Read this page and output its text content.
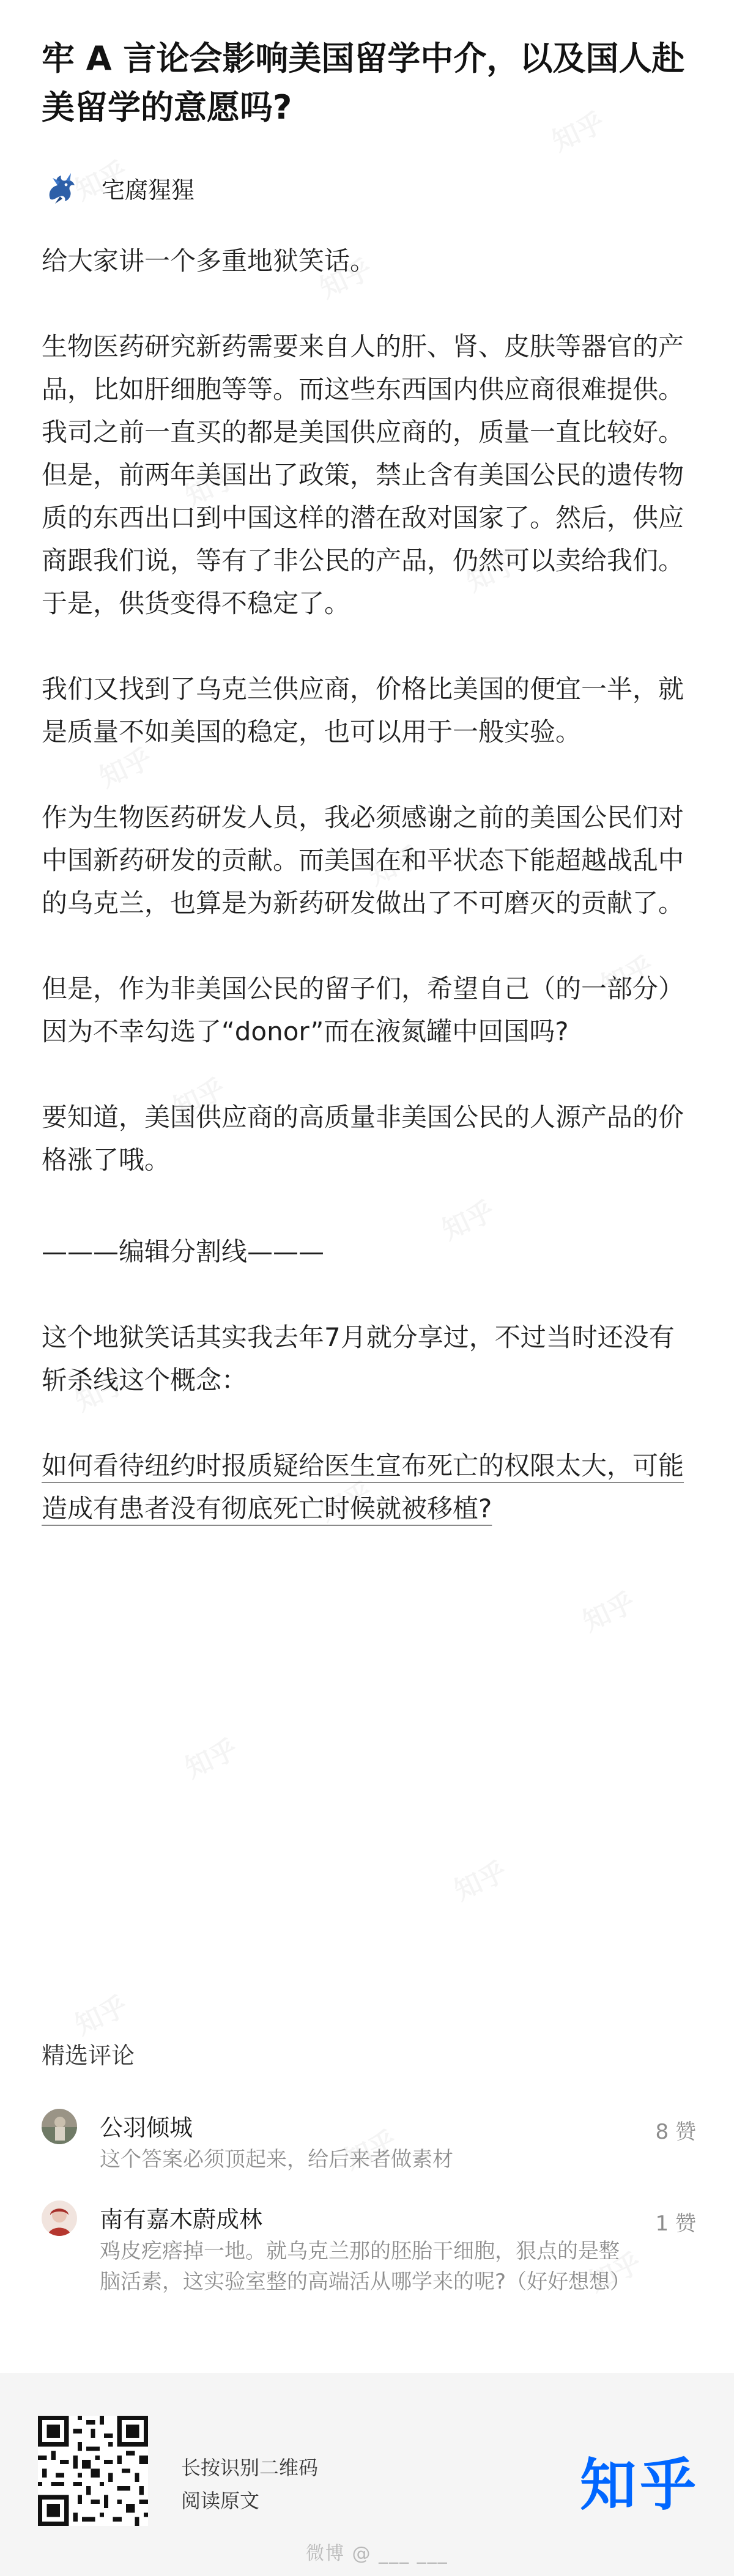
牢 A 言论会影响美国留学中介，以及国人赴美留学的意愿吗?
宅腐猩猩

给大家讲一个多重地狱笑话。

生物医药研究新药需要来自人的肝、肾、皮肤等器官的产品，比如肝细胞等等。而这些东西国内供应商很难提供。我司之前一直买的都是美国供应商的，质量一直比较好。但是，前两年美国出了政策，禁止含有美国公民的遗传物质的东西出口到中国这样的潜在敌对国家了。然后，供应商跟我们说，等有了非公民的产品，仍然可以卖给我们。于是，供货变得不稳定了。

我们又找到了乌克兰供应商，价格比美国的便宜一半，就是质量不如美国的稳定，也可以用于一般实验。

作为生物医药研发人员，我必须感谢之前的美国公民们对中国新药研发的贡献。而美国在和平状态下能超越战乱中的乌克兰，也算是为新药研发做出了不可磨灭的贡献了。

但是，作为非美国公民的留子们，希望自己（的一部分）因为不幸勾选了“donor”而在液氮罐中回国吗?

要知道，美国供应商的高质量非美国公民的人源产品的价格涨了哦。

———编辑分割线———

这个地狱笑话其实我去年7月就分享过，不过当时还没有斩杀线这个概念：

如何看待纽约时报质疑给医生宣布死亡的权限太大，可能造成有患者没有彻底死亡时候就被移植?

精选评论
公羽倾城
这个答案必须顶起来，给后来者做素材
8 赞
南有嘉木蔚成林
鸡皮疙瘩掉一地。就乌克兰那的胚胎干细胞，狠点的是整脑活素，这实验室整的高端活从哪学来的呢?（好好想想）
1 赞
长按识别二维码
阅读原文	知乎
微博 @ ___ ___
